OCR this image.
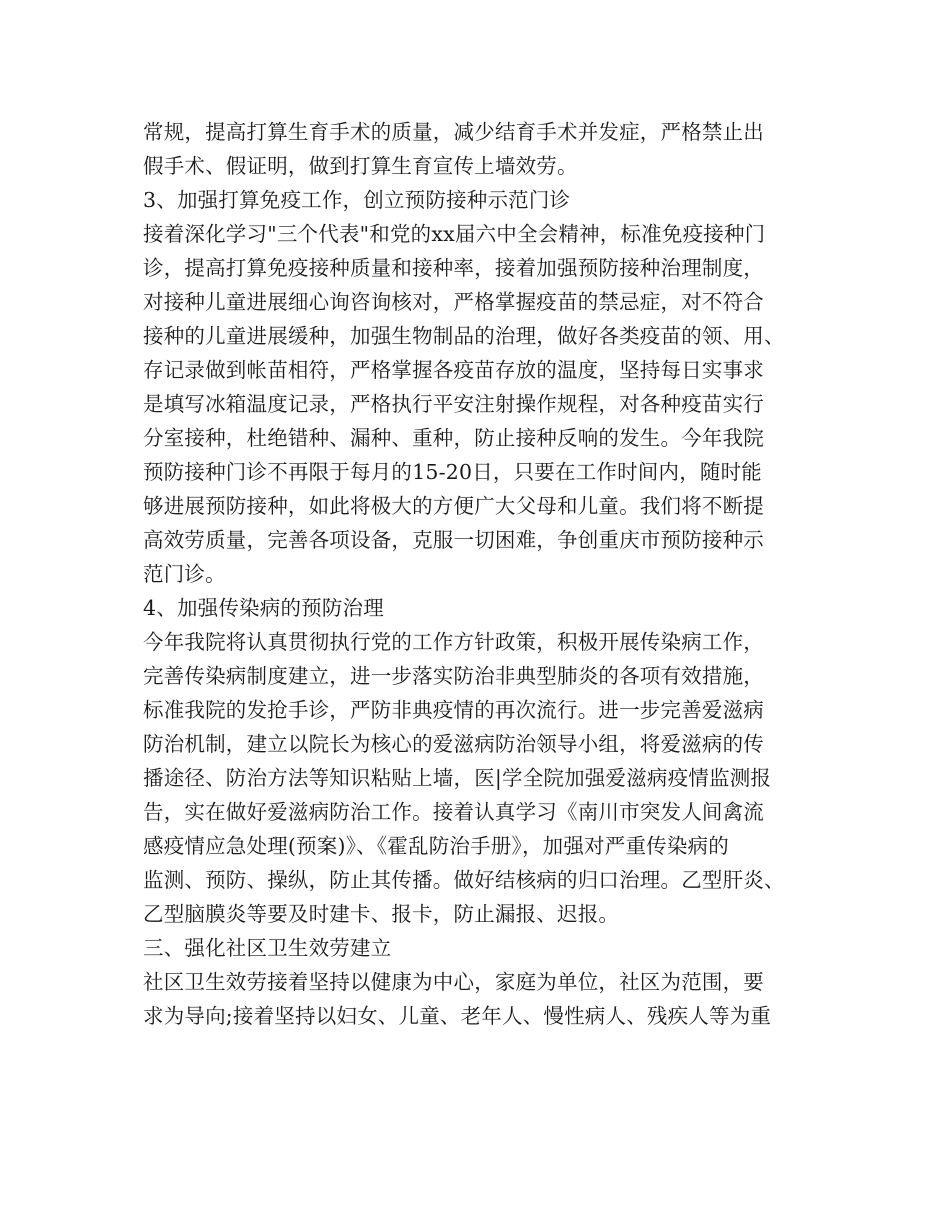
常规，提高打算生育手术的质量，减少结育手术并发症，严格禁止出
假手术、假证明，做到打算生育宣传上墙效劳。
3、加强打算免疫工作，创立预防接种示范门诊
接着深化学习"三个代表"和党的xx届六中全会精神，标准免疫接种门
诊，提高打算免疫接种质量和接种率，接着加强预防接种治理制度，
对接种儿童进展细心询咨询核对，严格掌握疫苗的禁忌症，对不符合
接种的儿童进展缓种，加强生物制品的治理，做好各类疫苗的领、用、
存记录做到帐苗相符，严格掌握各疫苗存放的温度，坚持每日实事求
是填写冰箱温度记录，严格执行平安注射操作规程，对各种疫苗实行
分室接种，杜绝错种、漏种、重种，防止接种反响的发生。今年我院
预防接种门诊不再限于每月的15-20日，只要在工作时间内，随时能
够进展预防接种，如此将极大的方便广大父母和儿童。我们将不断提
高效劳质量，完善各项设备，克服一切困难，争创重庆市预防接种示
范门诊。
4、加强传染病的预防治理
今年我院将认真贯彻执行党的工作方针政策，积极开展传染病工作，
完善传染病制度建立，进一步落实防治非典型肺炎的各项有效措施，
标准我院的发抢手诊，严防非典疫情的再次流行。进一步完善爱滋病
防治机制，建立以院长为核心的爱滋病防治领导小组，将爱滋病的传
播途径、防治方法等知识粘贴上墙，医|学全院加强爱滋病疫情监测报
告，实在做好爱滋病防治工作。接着认真学习《南川市突发人间禽流
感疫情应急处理(预案)》、《霍乱防治手册》，加强对严重传染病的
监测、预防、操纵，防止其传播。做好结核病的归口治理。乙型肝炎、
乙型脑膜炎等要及时建卡、报卡，防止漏报、迟报。
三、强化社区卫生效劳建立
社区卫生效劳接着坚持以健康为中心，家庭为单位，社区为范围，要
求为导向;接着坚持以妇女、儿童、老年人、慢性病人、残疾人等为重
